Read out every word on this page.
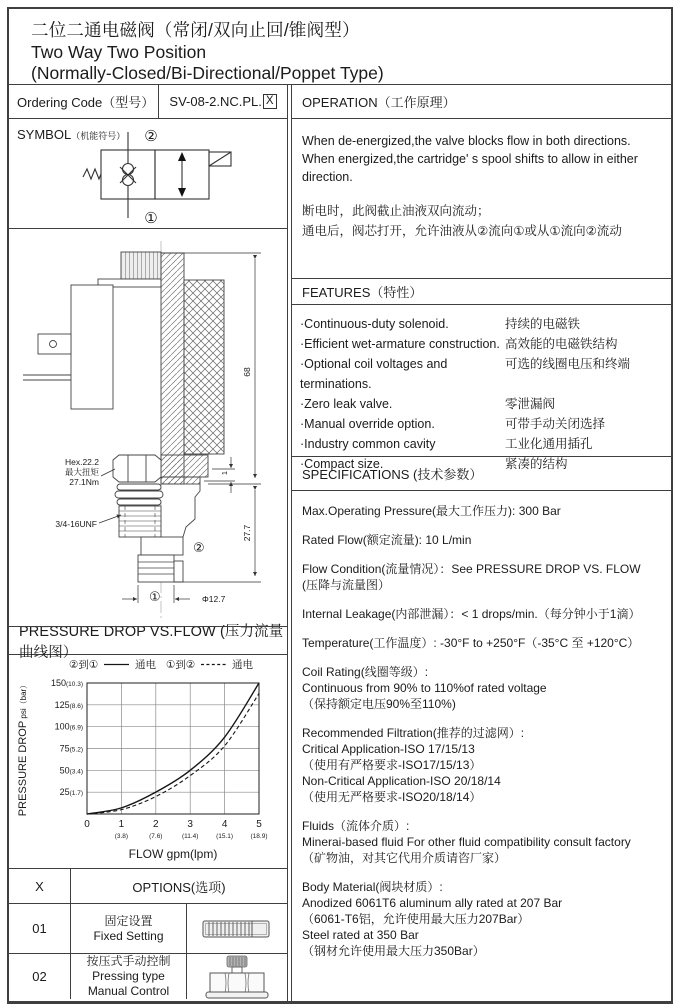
二位二通电磁阀（常闭/双向止回/锥阀型）
Two Way Two Position
(Normally-Closed/Bi-Directional/Poppet Type)
Ordering Code（型号）	SV-08-2.NC.PL. X
SYMBOL（机能符号） ②
①
68
27.7
1
Φ12.7
Hex.22.2
最大扭矩
27.1Nm
3/4-16UNF
②
①
PRESSURE DROP VS.FLOW (压力流量曲线图）
150(10.3)
125(8.6)
100(6.9)
75(5.2)
50(3.4)
25(1.7)
0	1
(3.8)
2
(7.6)
3
(11.4)
4
(15.1)
5
(18.9)
②到①	通电 ①到②	通电
PRESSURE DROP psi（bar）
FLOW gpm(lpm)
X	OPTIONS(选项)
01
固定设置
Fixed Setting
02
按压式手动控制
Pressing type
Manual Control
OPERATION（工作原理）
When de-energized,the valve blocks flow in both directions.
When energized,the cartridge' s spool shifts to allow in either direction.
断电时，此阀截止油液双向流动；
通电后，阀芯打开，允许油液从②流向①或从①流向②流动
FEATURES（特性）
·Continuous-duty solenoid.	持续的电磁铁
·Efficient wet-armature construction. 高效能的电磁铁结构
·Optional coil voltages and terminations.
可选的线圈电压和终端
·Zero leak valve.	零泄漏阀
·Manual override option.	可带手动关闭选择
·Industry common cavity	工业化通用插孔
·Compact size.	紧凑的结构
SPECIFICATIONS (技术参数）
Max.Operating Pressure(最大工作压力): 300 Bar
Rated Flow(额定流量): 10 L/min
Flow Condition(流量情况）：See PRESSURE DROP VS. FLOW
(压降与流量图）
Internal Leakage(内部泄漏）：< 1 drops/min.（每分钟小于1滴）
Temperature(工作温度）: -30°F to +250°F（-35°C 至 +120°C）
Coil Rating(线圈等级）:
Continuous from 90% to 110%of rated voltage
（保持额定电压90%至110%)
Recommended Filtration(推荐的过滤网）:
Critical Application-ISO 17/15/13
（使用有严格要求-ISO17/15/13）
Non-Critical Application-ISO 20/18/14
（使用无严格要求-ISO20/18/14）
Fluids（流体介质）:
Minerai-based fluid For other fluid compatibility consult factory
（矿物油，对其它代用介质请咨厂家）
Body Material(阀块材质）:
Anodized 6061T6 aluminum ally rated at 207 Bar
（6061-T6铝，允许使用最大压力207Bar）
Steel rated at 350 Bar
（钢材允许使用最大压力350Bar）
